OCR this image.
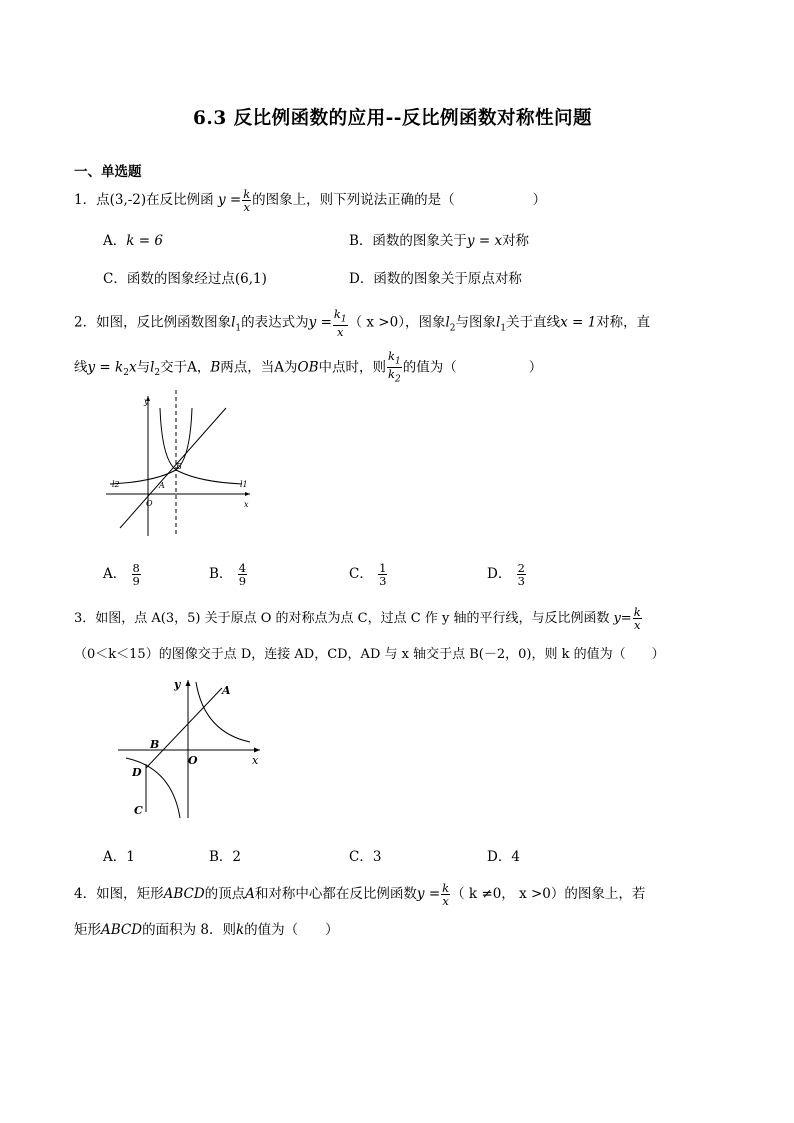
6.3 反比例函数的应用--反比例函数对称性问题
一、单选题
1．点(3,-2)在反比例函 $y = \frac{k}{x}$ 的图象上，则下列说法正确的是（	）
A．k = 6	B．函数的图象关于y = x对称
C．函数的图象经过点(6,1)	D．函数的图象关于原点对称
2．如图，反比例函数图象$l_1$的表达式为$y = \frac{k_1}{x}$ （ x >0），图象$l_2$与图象$l_1$关于直线x = 1对称，直
线$y = k_2x$与$l_2$交于A，B两点，当A为OB中点时，则 $\frac{k_1}{k_2}$ 的值为（	）
y
x
O
A
B
l1
l2
A． $\frac{8}{9}$	B． $\frac{4}{9}$	C． $\frac{1}{3}$	D． $\frac{2}{3}$
3．如图，点 A(3，5) 关于原点 O 的对称点为点 C，过点 C 作 y 轴的平行线，与反比例函数 $y= \frac{k}{x}$
（0＜k＜15）的图像交于点 D，连接 AD，CD，AD 与 x 轴交于点 B(－2，0)，则 k 的值为（　　）
y
x
O
A
B
D
C
A．1	B．2	C．3	D．4
4．如图，矩形ABCD的顶点A和对称中心都在反比例函数$y = \frac{k}{x}$ （ k ≠0， x >0）的图象上，若
矩形ABCD的面积为 8．则k的值为（　　）
